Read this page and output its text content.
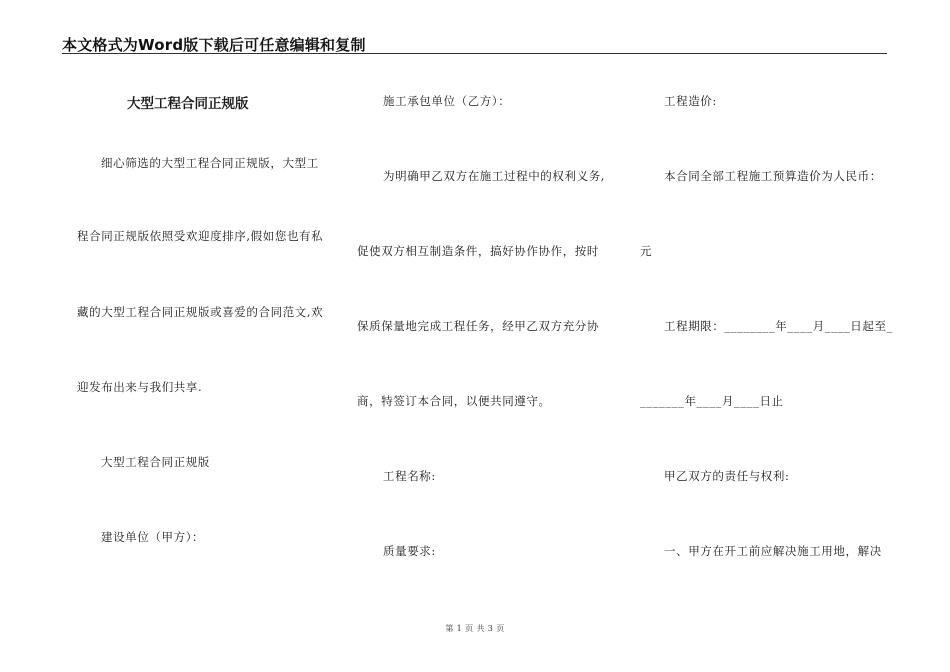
本文格式为Word版下载后可任意编辑和复制
大型工程合同正规版
细心筛选的大型工程合同正规版，大型工
程合同正规版依照受欢迎度排序,假如您也有私
藏的大型工程合同正规版或喜爱的合同范文,欢
迎发布出来与我们共享.
大型工程合同正规版
建设单位（甲方）：
施工承包单位（乙方）：
为明确甲乙双方在施工过程中的权利义务,
促使双方相互制造条件，搞好协作协作，按时
保质保量地完成工程任务，经甲乙双方充分协
商，特签订本合同，以便共同遵守。
工程名称:
质量要求:
工程造价:
本合同全部工程施工预算造价为人民币：
元
工程期限：________年____月____日起至_
_______年____月____日止
甲乙双方的责任与权利:
一、甲方在开工前应解决施工用地，解决
第 1 页 共 3 页
